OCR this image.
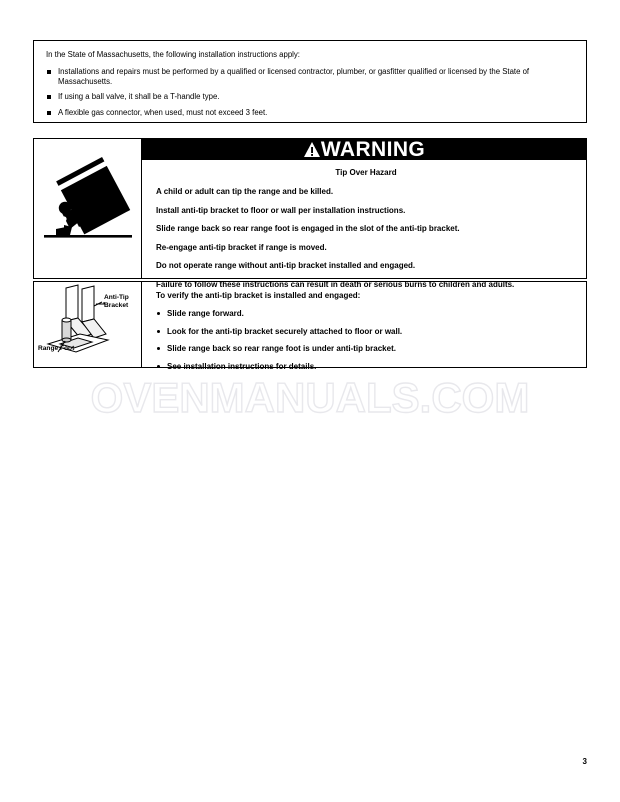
In the State of Massachusetts, the following installation instructions apply:

Installations and repairs must be performed by a qualified or licensed contractor, plumber, or gasfitter qualified or licensed by the State of Massachusetts.
If using a ball valve, it shall be a T-handle type.
A flexible gas connector, when used, must not exceed 3 feet.
WARNING
Tip Over Hazard
A child or adult can tip the range and be killed.
Install anti-tip bracket to floor or wall per installation instructions.
Slide range back so rear range foot is engaged in the slot of the anti-tip bracket.
Re-engage anti-tip bracket if range is moved.
Do not operate range without anti-tip bracket installed and engaged.
Failure to follow these instructions can result in death or serious burns to children and adults.
Anti-Tip
Bracket
Range Foot
To verify the anti-tip bracket is installed and engaged:
Slide range forward.
Look for the anti-tip bracket securely attached to floor or wall.
Slide range back so rear range foot is under anti-tip bracket.
See installation instructions for details.
OVENMANUALS.COM
3
